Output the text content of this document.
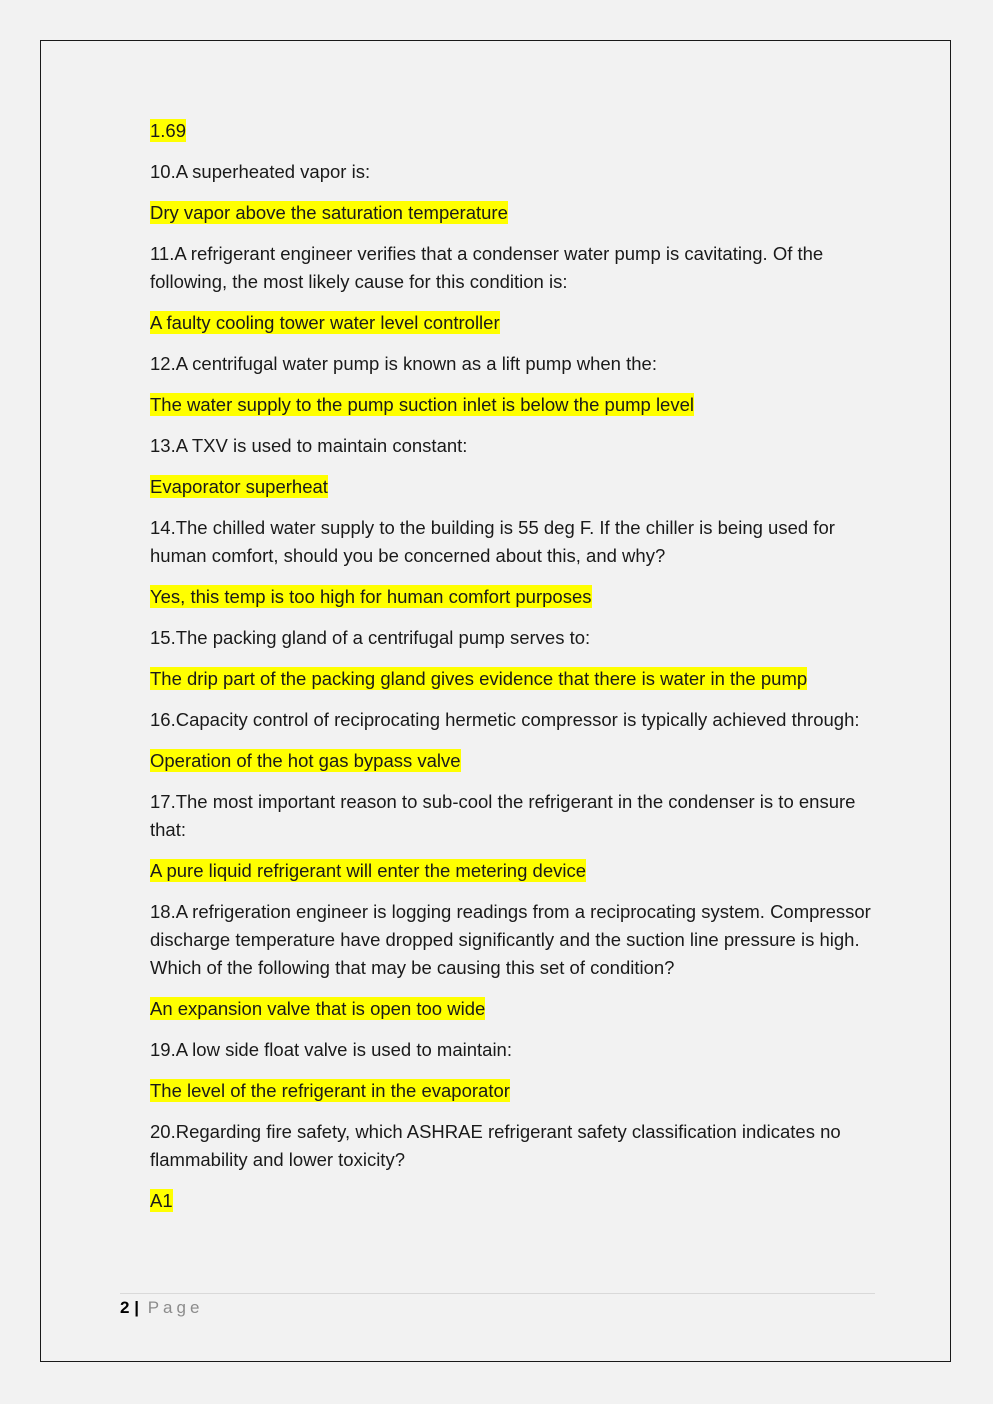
1.69

10.A superheated vapor is:

Dry vapor above the saturation temperature

11.A refrigerant engineer verifies that a condenser water pump is cavitating. Of the following, the most likely cause for this condition is:

A faulty cooling tower water level controller

12.A centrifugal water pump is known as a lift pump when the:

The water supply to the pump suction inlet is below the pump level

13.A TXV is used to maintain constant:

Evaporator superheat

14.The chilled water supply to the building is 55 deg F. If the chiller is being used for human comfort, should you be concerned about this, and why?

Yes, this temp is too high for human comfort purposes

15.The packing gland of a centrifugal pump serves to:

The drip part of the packing gland gives evidence that there is water in the pump

16.Capacity control of reciprocating hermetic compressor is typically achieved through:

Operation of the hot gas bypass valve

17.The most important reason to sub-cool the refrigerant in the condenser is to ensure that:

A pure liquid refrigerant will enter the metering device

18.A refrigeration engineer is logging readings from a reciprocating system. Compressor discharge temperature have dropped significantly and the suction line pressure is high. Which of the following that may be causing this set of condition?

An expansion valve that is open too wide

19.A low side float valve is used to maintain:

The level of the refrigerant in the evaporator

20.Regarding fire safety, which ASHRAE refrigerant safety classification indicates no flammability and lower toxicity?

A1

2 | Page
